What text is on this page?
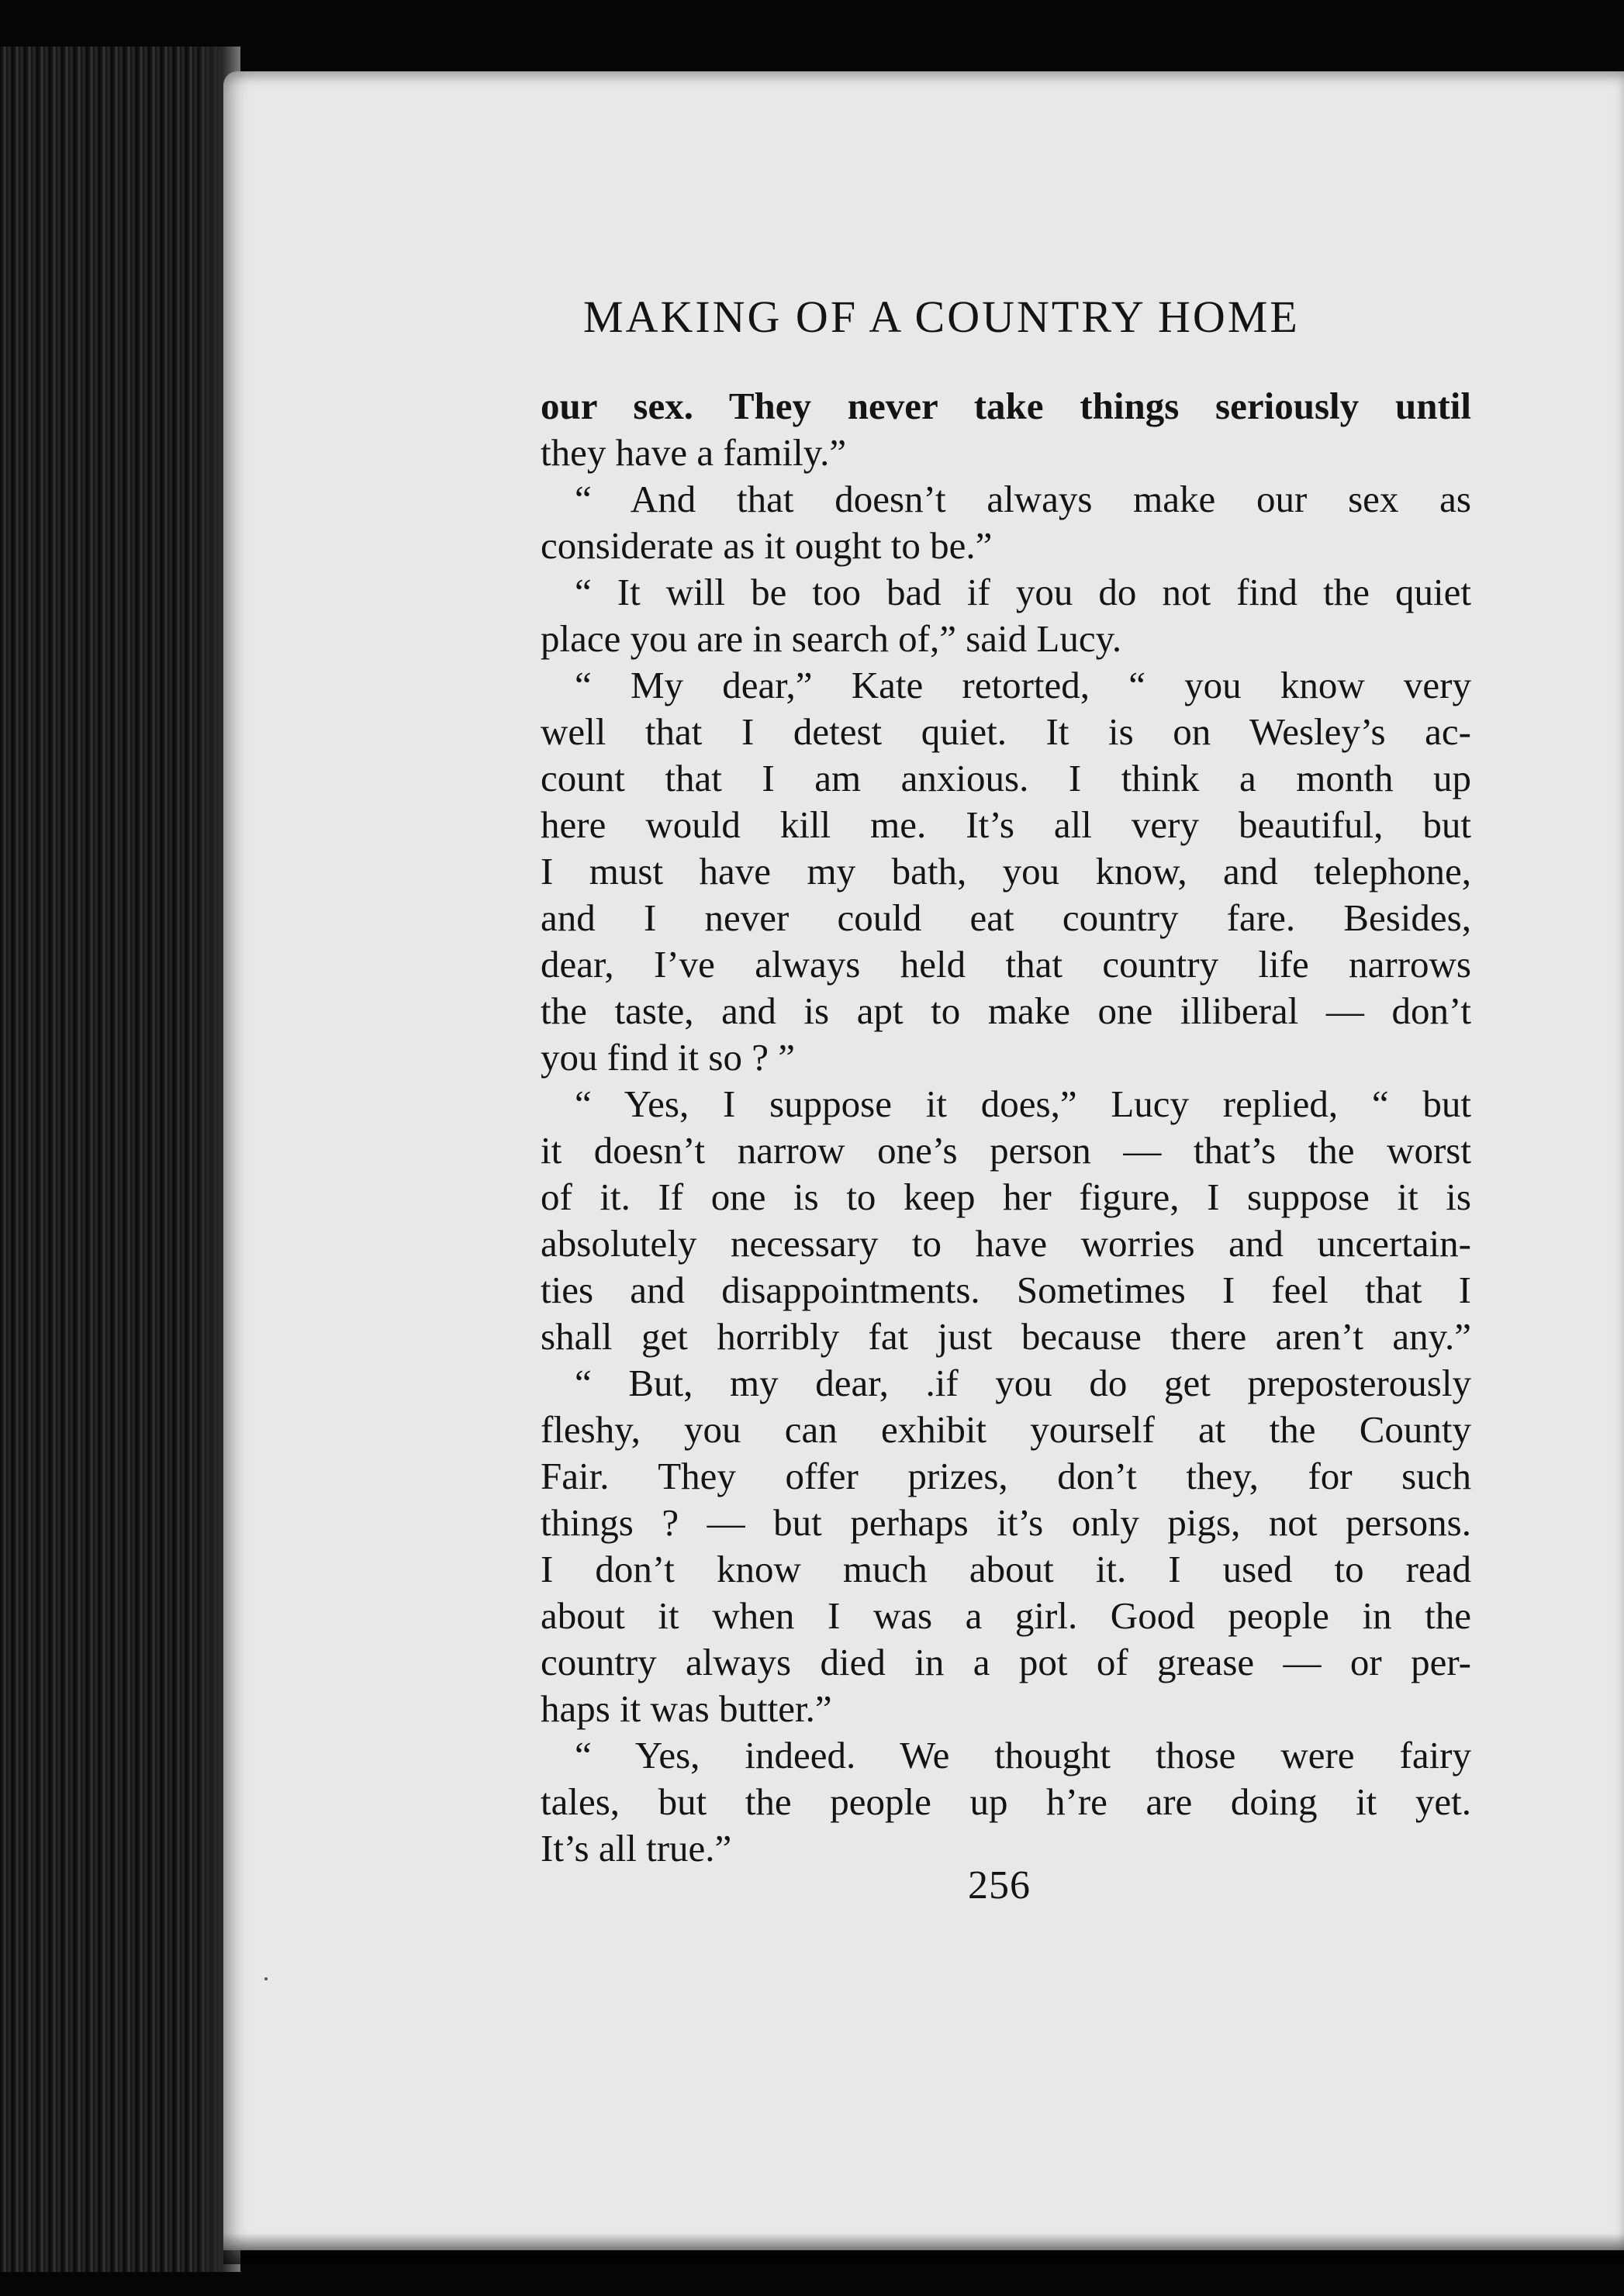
MAKING OF A COUNTRY HOME
our sex. They never take things seriously until
they have a family.”
“ And that doesn’t always make our sex as
considerate as it ought to be.”
“ It will be too bad if you do not find the quiet
place you are in search of,” said Lucy.
“ My dear,” Kate retorted, “ you know very
well that I detest quiet. It is on Wesley’s ac-
count that I am anxious. I think a month up
here would kill me. It’s all very beautiful, but
I must have my bath, you know, and telephone,
and I never could eat country fare. Besides,
dear, I’ve always held that country life narrows
the taste, and is apt to make one illiberal — don’t
you find it so ? ”
“ Yes, I suppose it does,” Lucy replied, “ but
it doesn’t narrow one’s person — that’s the worst
of it. If one is to keep her figure, I suppose it is
absolutely necessary to have worries and uncertain-
ties and disappointments. Sometimes I feel that I
shall get horribly fat just because there aren’t any.”
“ But, my dear, .if you do get preposterously
fleshy, you can exhibit yourself at the County
Fair. They offer prizes, don’t they, for such
things ? — but perhaps it’s only pigs, not persons.
I don’t know much about it. I used to read
about it when I was a girl. Good people in the
country always died in a pot of grease — or per-
haps it was butter.”
“ Yes, indeed. We thought those were fairy
tales, but the people up h’re are doing it yet.
It’s all true.”
256
